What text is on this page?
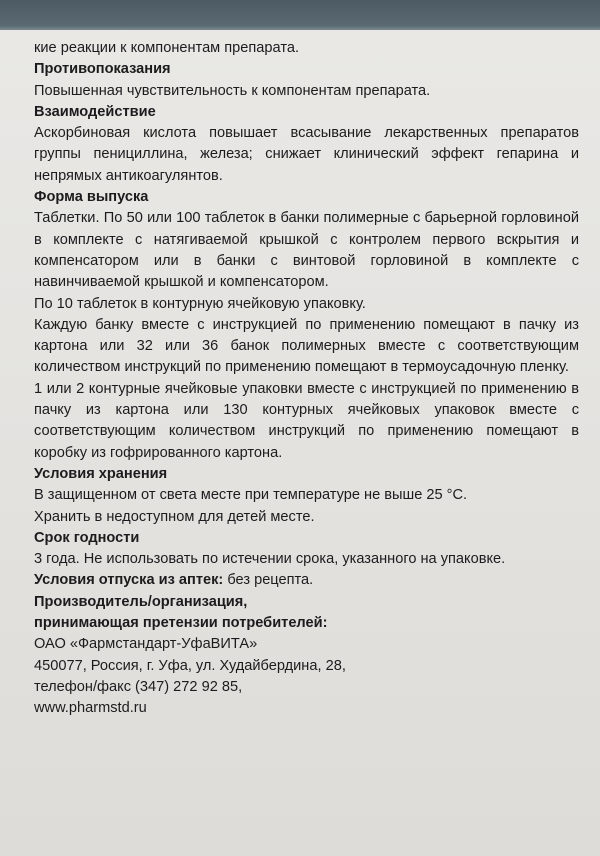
кие реакции к компонентам препарата.

Противопоказания

Повышенная чувствительность к компонентам препарата.

Взаимодействие

Аскорбиновая кислота повышает всасывание лекарственных препаратов группы пенициллина, железа; снижает клинический эффект гепарина и непрямых антикоагулянтов.

Форма выпуска

Таблетки. По 50 или 100 таблеток в банки полимерные с барьерной горловиной в комплекте с натягиваемой крышкой с контролем первого вскрытия и компенсатором или в банки с винтовой горловиной в комплекте с навинчиваемой крышкой и компенсатором.

По 10 таблеток в контурную ячейковую упаковку.

Каждую банку вместе с инструкцией по применению помещают в пачку из картона или 32 или 36 банок полимерных вместе с соответствующим количеством инструкций по применению помещают в термоусадочную пленку.

1 или 2 контурные ячейковые упаковки вместе с инструкцией по применению в пачку из картона или 130 контурных ячейковых упаковок вместе с соответствующим количеством инструкций по применению помещают в коробку из гофрированного картона.

Условия хранения

В защищенном от света месте при температуре не выше 25 °C.

Хранить в недоступном для детей месте.

Срок годности

3 года. Не использовать по истечении срока, указанного на упаковке.

Условия отпуска из аптек: без рецепта.

Производитель/организация,

принимающая претензии потребителей:

ОАО «Фармстандарт-УфаВИТА»

450077, Россия, г. Уфа, ул. Худайбердина, 28,

телефон/факс (347) 272 92 85,

www.pharmstd.ru
